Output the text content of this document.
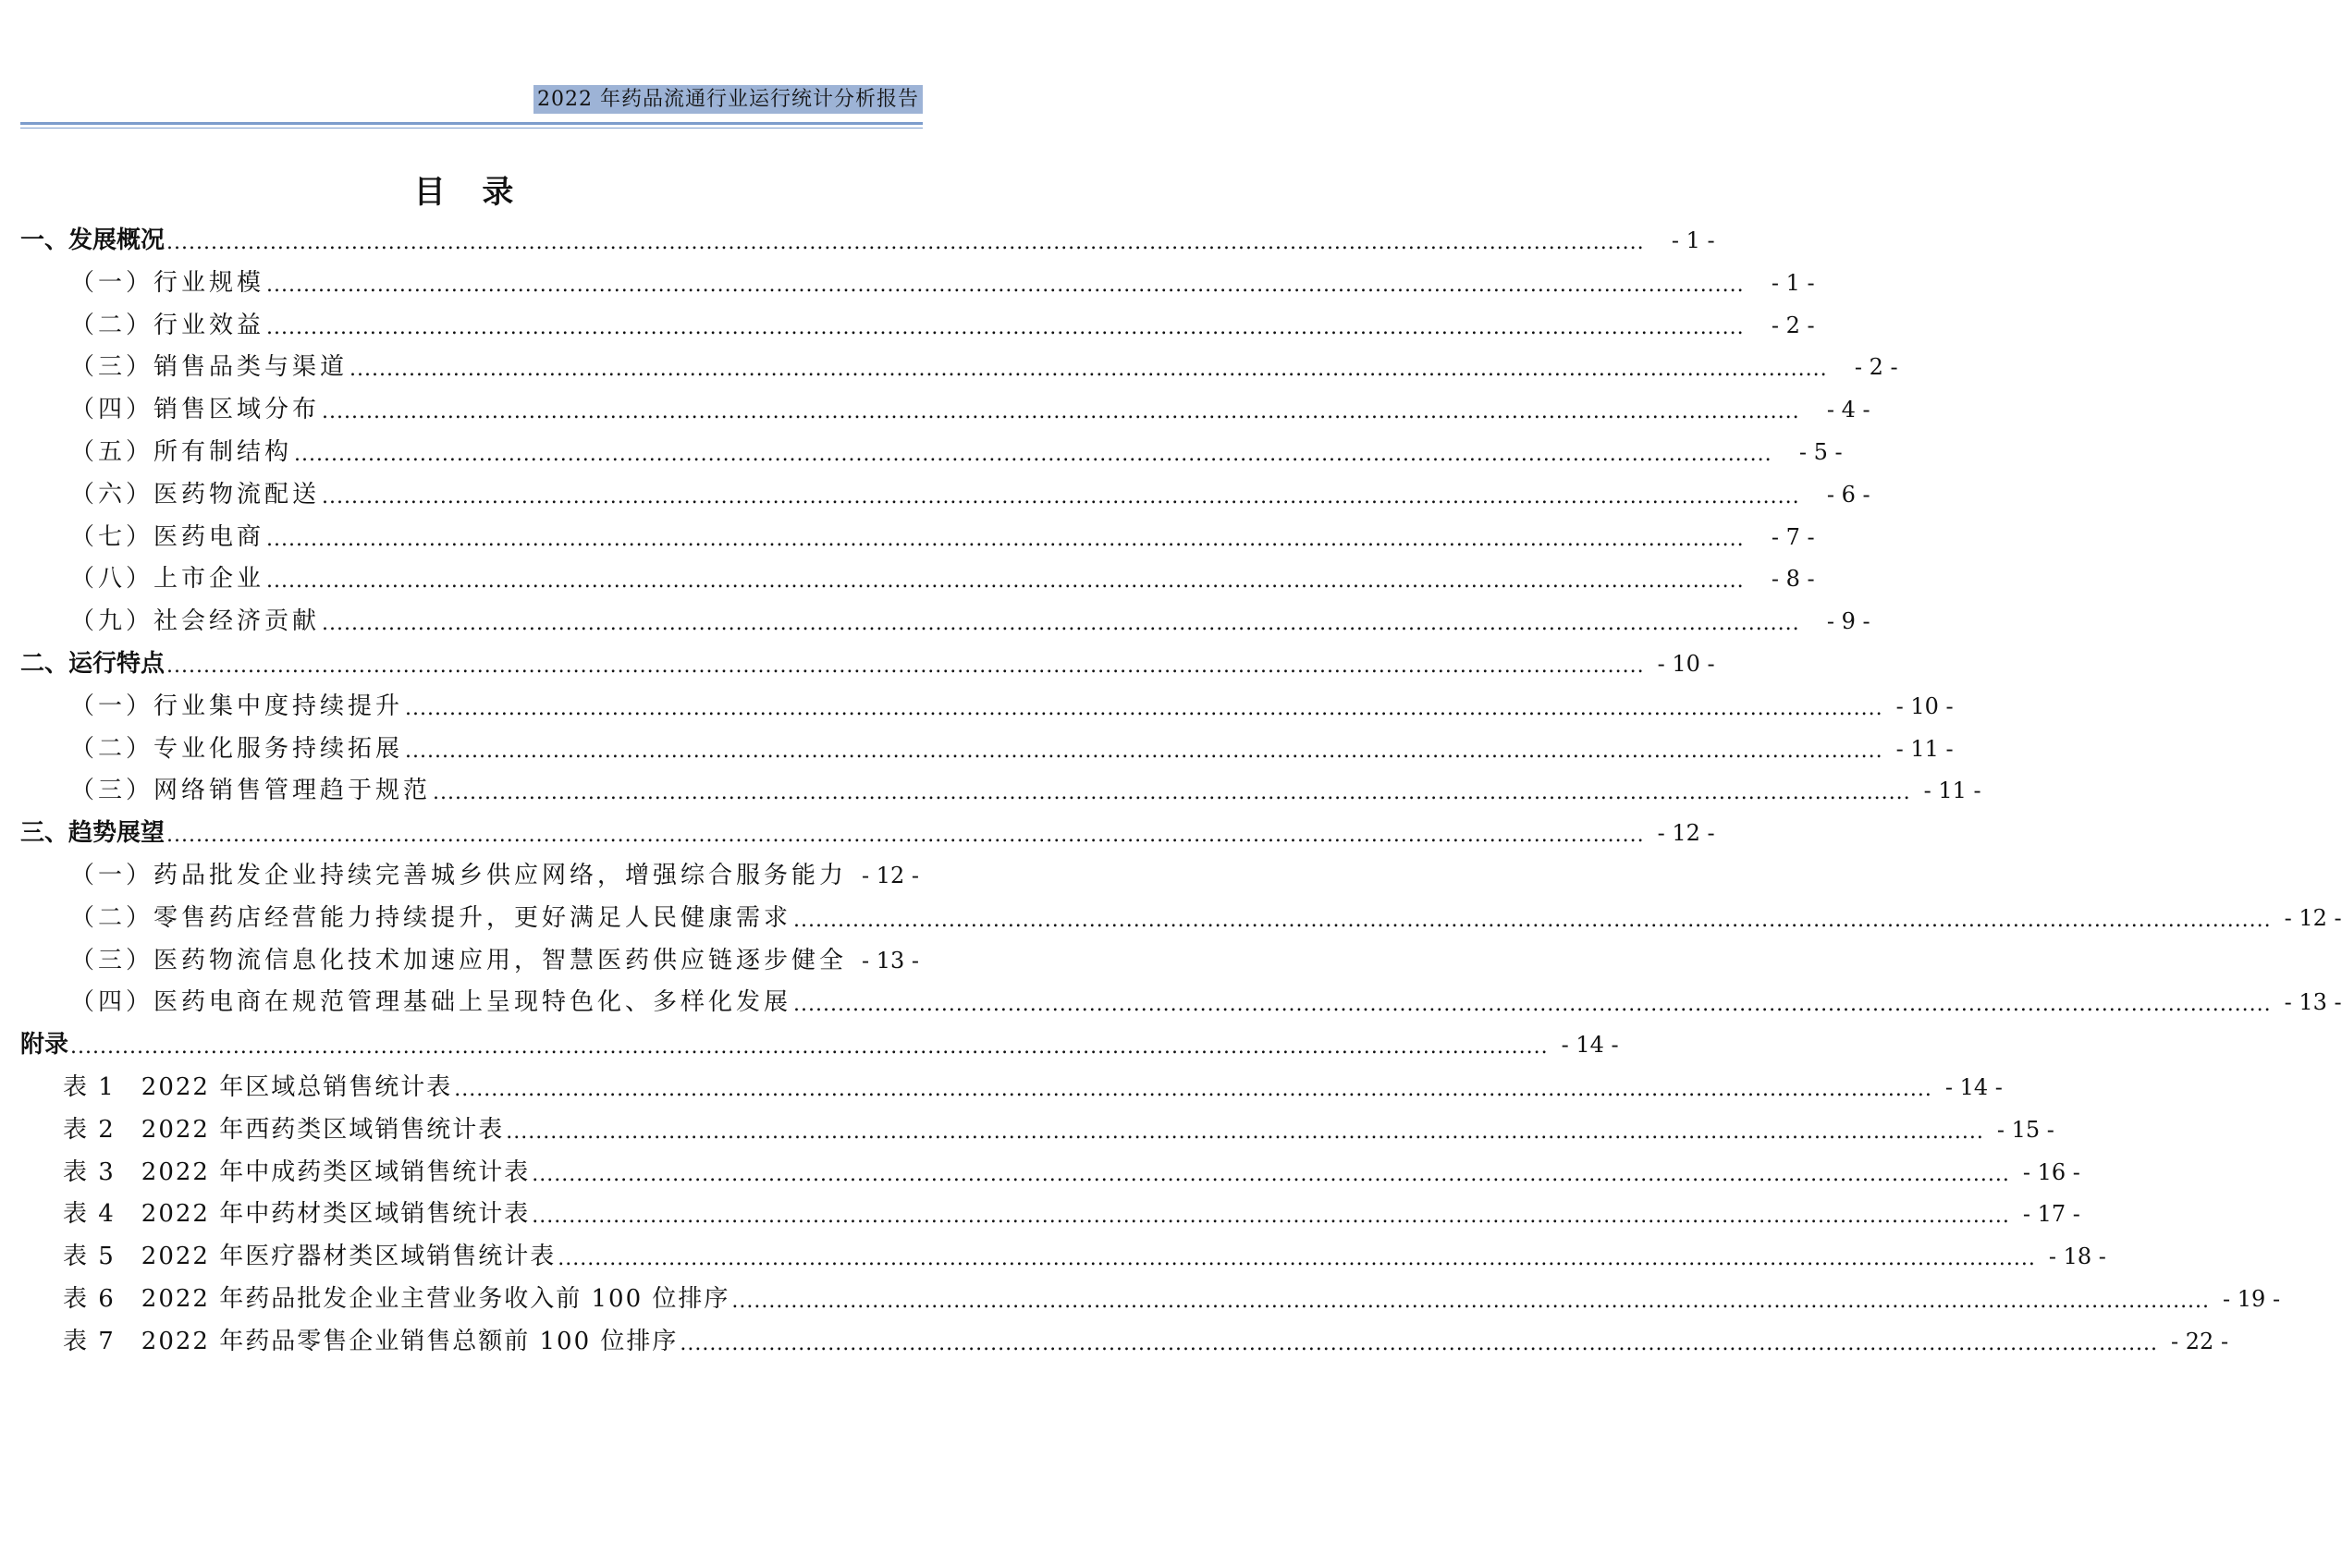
2022 年药品流通行业运行统计分析报告
目 录
一、发展概况 ........................................................................................................................................................................................................	- 1 -
（一）行业规模 ........................................................................................................................................................................................................	- 1 -
（二）行业效益 ........................................................................................................................................................................................................	- 2 -
（三）销售品类与渠道 ........................................................................................................................................................................................................	- 2 -
（四）销售区域分布 ........................................................................................................................................................................................................	- 4 -
（五）所有制结构 ........................................................................................................................................................................................................	- 5 -
（六）医药物流配送 ........................................................................................................................................................................................................	- 6 -
（七）医药电商 ........................................................................................................................................................................................................	- 7 -
（八）上市企业 ........................................................................................................................................................................................................	- 8 -
（九）社会经济贡献 ........................................................................................................................................................................................................	- 9 -
二、运行特点 ........................................................................................................................................................................................................ - 10 -
（一）行业集中度持续提升 ........................................................................................................................................................................................................ - 10 -
（二）专业化服务持续拓展 ........................................................................................................................................................................................................ - 11 -
（三）网络销售管理趋于规范 ........................................................................................................................................................................................................ - 11 -
三、趋势展望 ........................................................................................................................................................................................................ - 12 -
（一）药品批发企业持续完善城乡供应网络，增强综合服务能力 - 12 -
（二）零售药店经营能力持续提升，更好满足人民健康需求 ........................................................................................................................................................................................................ - 12 -
（三）医药物流信息化技术加速应用，智慧医药供应链逐步健全 - 13 -
（四）医药电商在规范管理基础上呈现特色化、多样化发展 ........................................................................................................................................................................................................ - 13 -
附录 ........................................................................................................................................................................................................ - 14 -
表 1　2022 年区域总销售统计表 ........................................................................................................................................................................................................ - 14 -
表 2　2022 年西药类区域销售统计表 ........................................................................................................................................................................................................ - 15 -
表 3　2022 年中成药类区域销售统计表 ........................................................................................................................................................................................................ - 16 -
表 4　2022 年中药材类区域销售统计表 ........................................................................................................................................................................................................ - 17 -
表 5　2022 年医疗器材类区域销售统计表 ........................................................................................................................................................................................................ - 18 -
表 6　2022 年药品批发企业主营业务收入前 100 位排序 ........................................................................................................................................................................................................ - 19 -
表 7　2022 年药品零售企业销售总额前 100 位排序 ........................................................................................................................................................................................................ - 22 -
